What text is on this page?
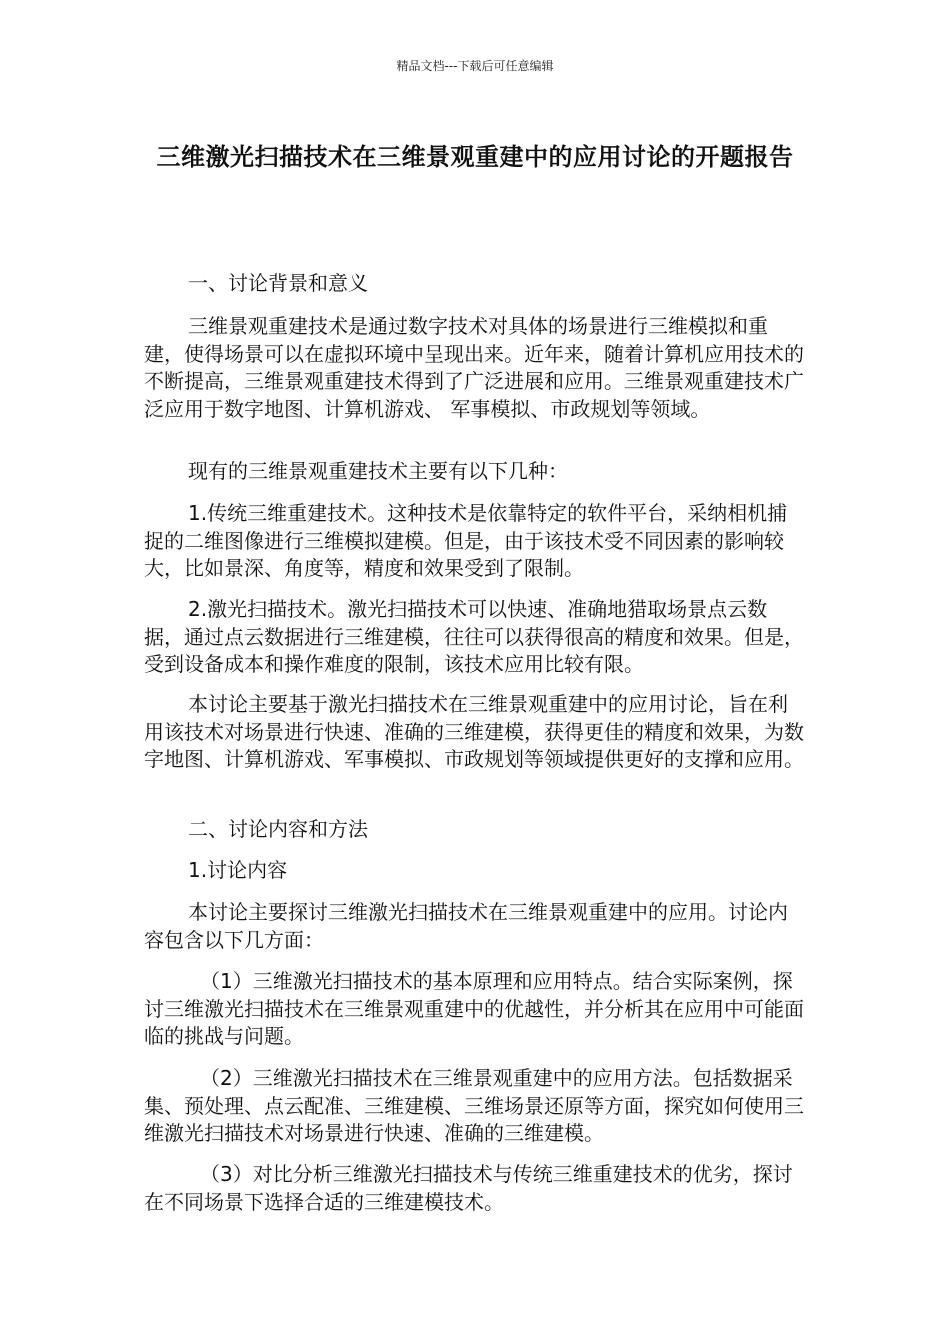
精品文档---下载后可任意编辑
三维激光扫描技术在三维景观重建中的应用讨论的开题报告

一、讨论背景和意义

三维景观重建技术是通过数字技术对具体的场景进行三维模拟和重建，使得场景可以在虚拟环境中呈现出来。近年来，随着计算机应用技术的不断提高，三维景观重建技术得到了广泛进展和应用。三维景观重建技术广泛应用于数字地图、计算机游戏、 军事模拟、市政规划等领域。

现有的三维景观重建技术主要有以下几种：

1.传统三维重建技术。这种技术是依靠特定的软件平台，采纳相机捕捉的二维图像进行三维模拟建模。但是，由于该技术受不同因素的影响较大，比如景深、角度等，精度和效果受到了限制。

2.激光扫描技术。激光扫描技术可以快速、准确地猎取场景点云数据，通过点云数据进行三维建模，往往可以获得很高的精度和效果。但是，受到设备成本和操作难度的限制，该技术应用比较有限。

本讨论主要基于激光扫描技术在三维景观重建中的应用讨论，旨在利用该技术对场景进行快速、准确的三维建模，获得更佳的精度和效果，为数字地图、计算机游戏、军事模拟、市政规划等领域提供更好的支撑和应用。

二、讨论内容和方法

1.讨论内容

本讨论主要探讨三维激光扫描技术在三维景观重建中的应用。讨论内容包含以下几方面：

（1）三维激光扫描技术的基本原理和应用特点。结合实际案例，探讨三维激光扫描技术在三维景观重建中的优越性，并分析其在应用中可能面临的挑战与问题。

（2）三维激光扫描技术在三维景观重建中的应用方法。包括数据采集、预处理、点云配准、三维建模、三维场景还原等方面，探究如何使用三维激光扫描技术对场景进行快速、准确的三维建模。

（3）对比分析三维激光扫描技术与传统三维重建技术的优劣，探讨在不同场景下选择合适的三维建模技术。
